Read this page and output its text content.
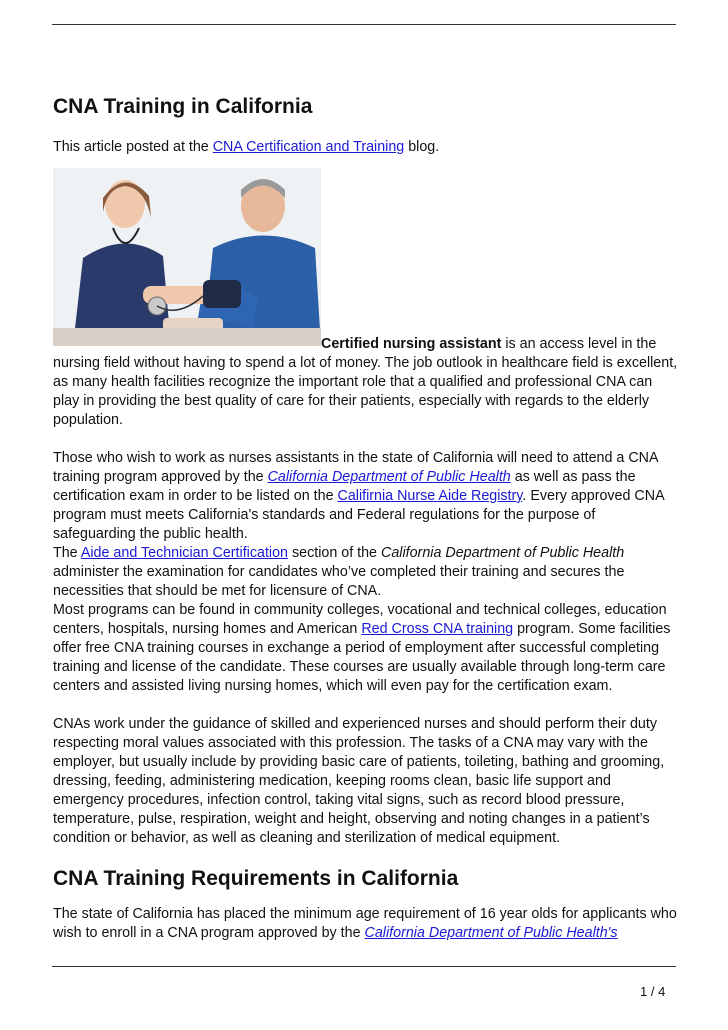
CNA Training in California

This article posted at the CNA Certification and Training blog.

Certified nursing assistant is an access level in the nursing field without having to spend a lot of money. The job outlook in healthcare field is excellent, as many health facilities recognize the important role that a qualified and professional CNA can play in providing the best quality of care for their patients, especially with regards to the elderly population.

Those who wish to work as nurses assistants in the state of California will need to attend a CNA training program approved by the California Department of Public Health as well as pass the certification exam in order to be listed on the Califirnia Nurse Aide Registry. Every approved CNA program must meets California's standards and Federal regulations for the purpose of safeguarding the public health.

The Aide and Technician Certification section of the California Department of Public Health administer the examination for candidates who’ve completed their training and secures the necessities that should be met for licensure of CNA.

Most programs can be found in community colleges, vocational and technical colleges, education centers, hospitals, nursing homes and American Red Cross CNA training program. Some facilities offer free CNA training courses in exchange a period of employment after successful completing training and license of the candidate. These courses are usually available through long-term care centers and assisted living nursing homes, which will even pay for the certification exam.

CNAs work under the guidance of skilled and experienced nurses and should perform their duty respecting moral values associated with this profession. The tasks of a CNA may vary with the employer, but usually include by providing basic care of patients, toileting, bathing and grooming, dressing, feeding, administering medication, keeping rooms clean, basic life support and emergency procedures, infection control, taking vital signs, such as record blood pressure, temperature, pulse, respiration, weight and height, observing and noting changes in a patient’s condition or behavior, as well as cleaning and sterilization of medical equipment.

CNA Training Requirements in California

The state of California has placed the minimum age requirement of 16 year olds for applicants who wish to enroll in a CNA program approved by the California Department of Public Health's

1 / 4
